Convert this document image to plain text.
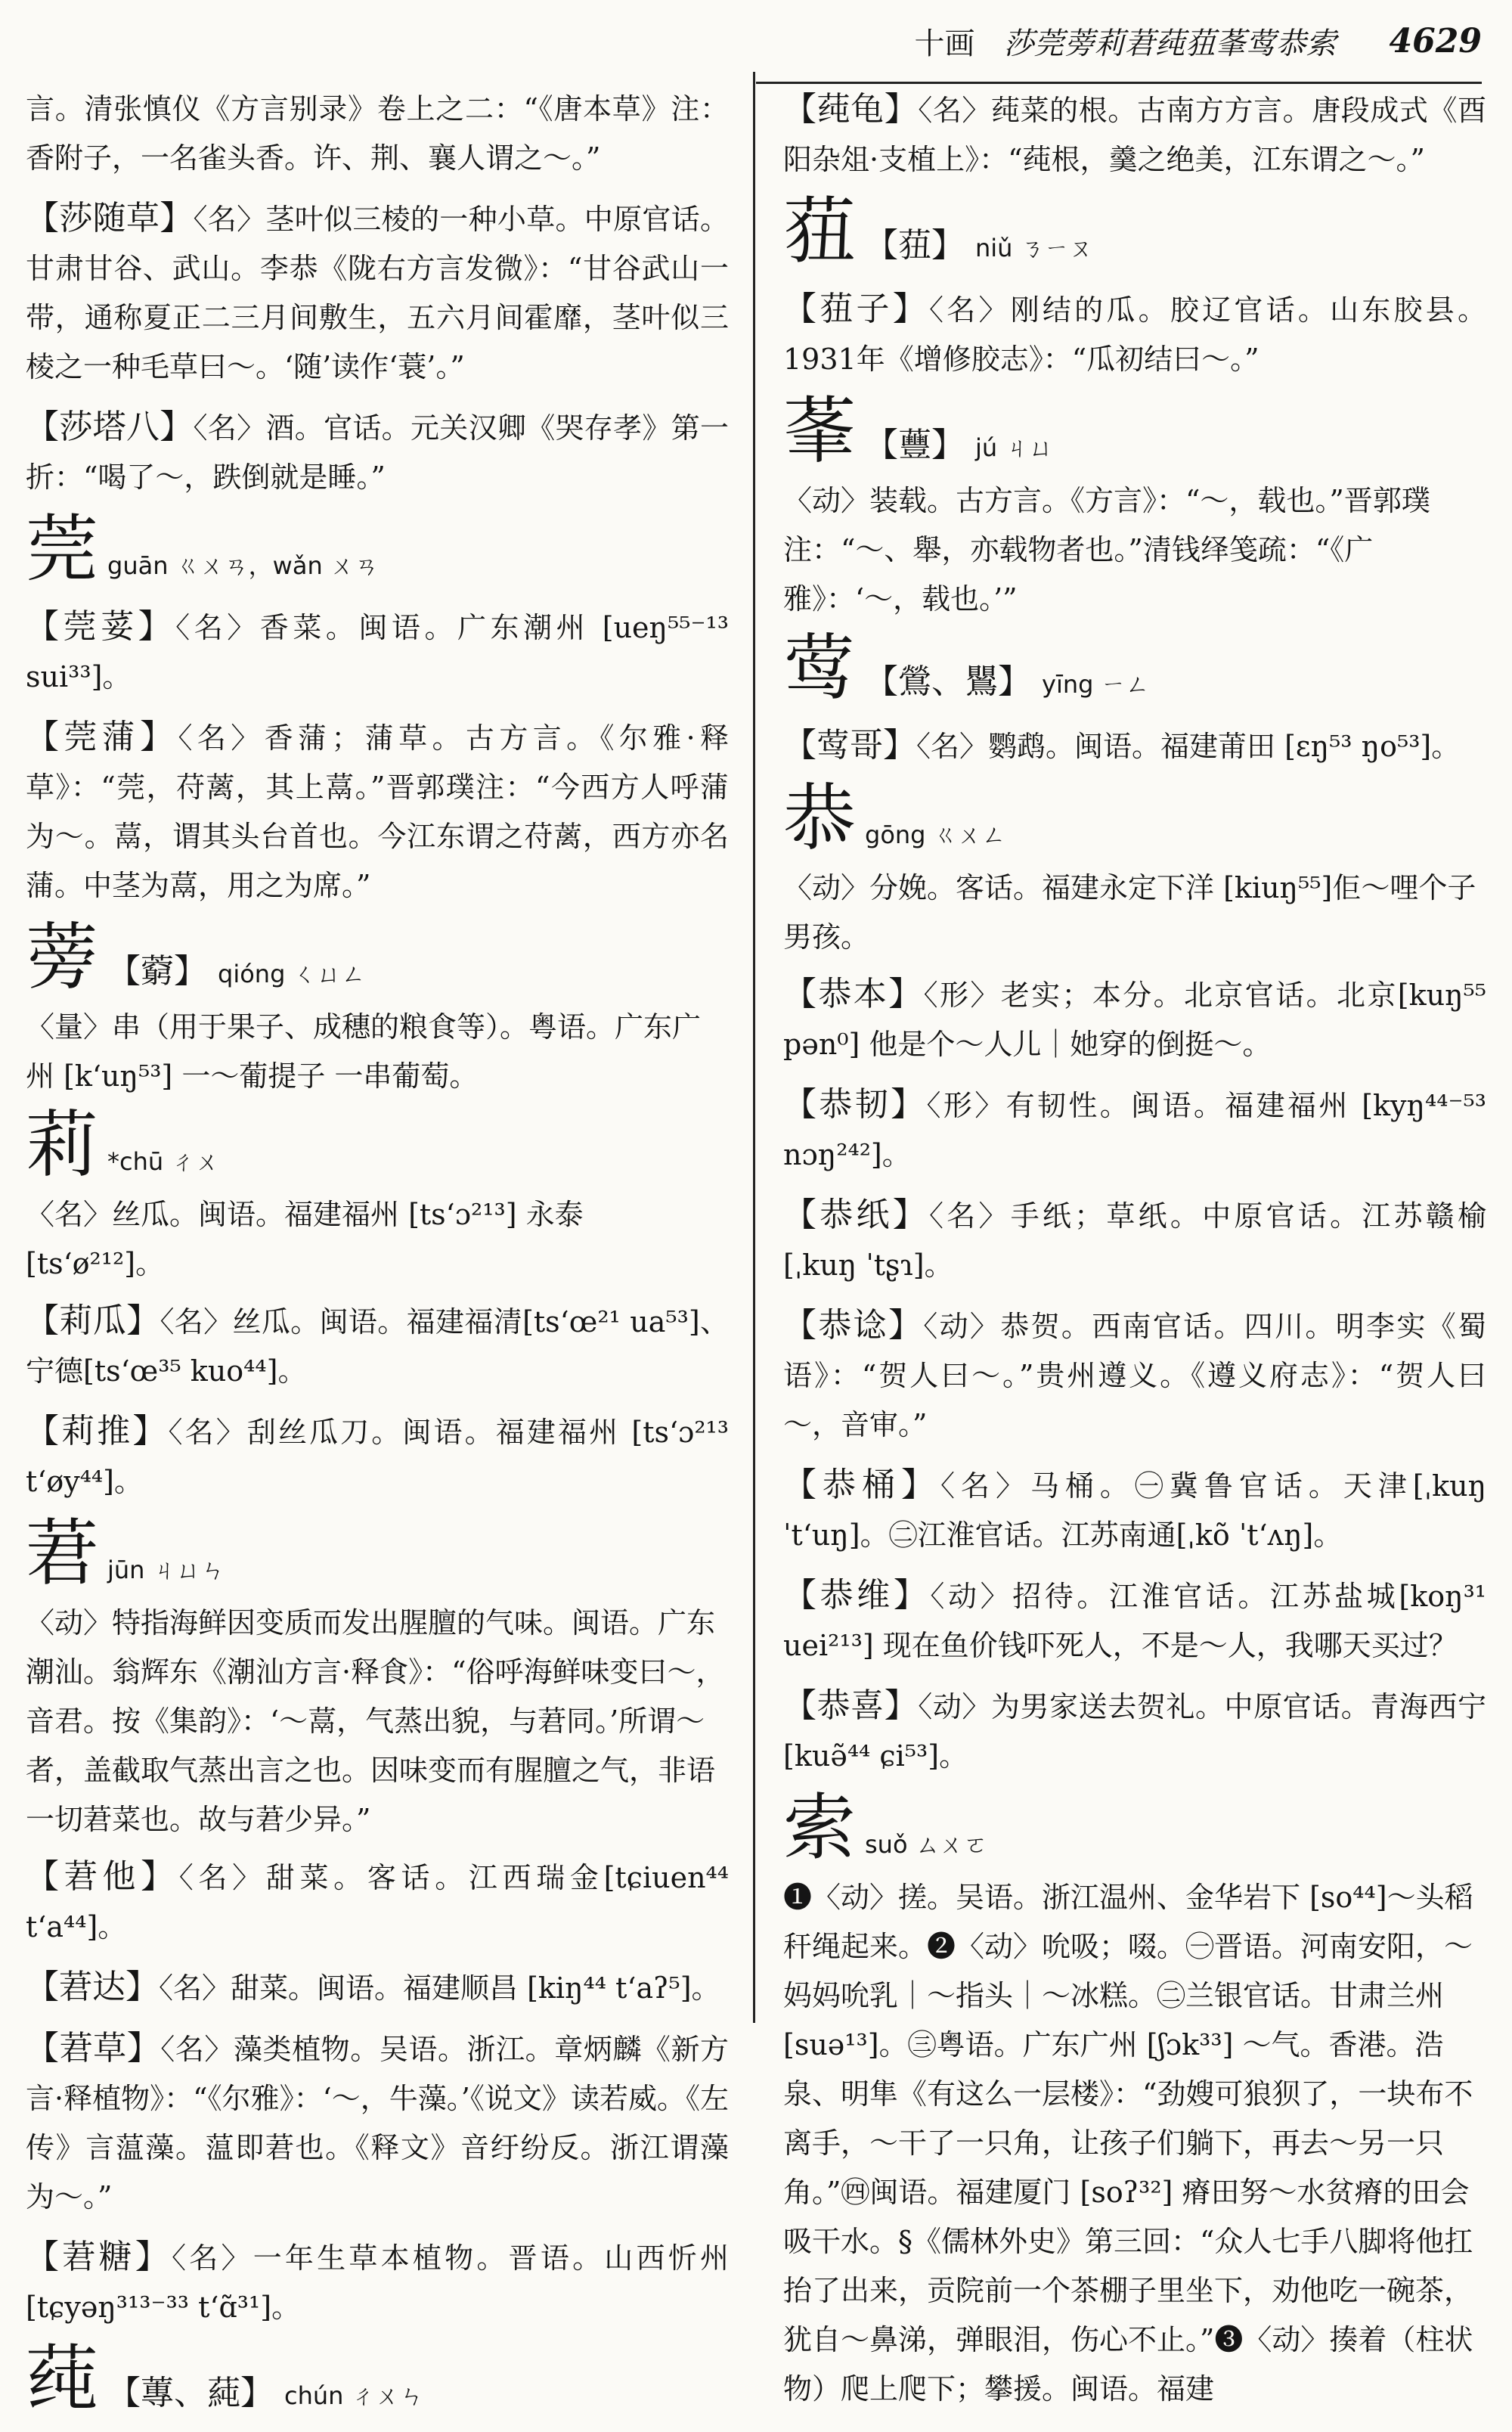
十画 莎莞蒡莉莙莼莥莑莺恭索 4629

言。清张慎仪《方言别录》卷上之二：“《唐本草》注：香附子，一名雀头香。许、荆、襄人谓之～。”

【 莎随草 】 〈名〉茎叶似三棱的一种小草。中原官话。甘肃甘谷、武山。李恭《陇右方言发微》：“甘谷武山一带，通称夏正二三月间敷生，五六月间霍靡，茎叶似三棱之一种毛草曰～。‘随’读作‘蓑’。”

【 莎塔八 】 〈名〉酒。官话。元关汉卿《哭存孝》第一折：“喝了～，跌倒就是睡。”

莞 guān ㄍㄨㄢ，wǎn ㄨㄢ

【 莞荽 】 〈名〉香菜。闽语。广东潮州 [ueŋ⁵⁵⁻¹³ sui³³]。

【 莞蒲 】 〈名〉香蒲；蒲草。古方言。《尔雅·释草》：“莞，苻蓠，其上蒚。”晋郭璞注：“今西方人呼蒲为～。蒚，谓其头台首也。今江东谓之苻蓠，西方亦名蒲。中茎为蒚，用之为席。”

蒡 【藭】 qióng ㄑㄩㄥ
〈量〉串（用于果子、成穗的粮食等）。粤语。广东广州 [k‘uŋ⁵³] 一～葡提子 一串葡萄。
莉 *chū ㄔㄨ
〈名〉丝瓜。闽语。福建福州 [ts‘ɔ²¹³] 永泰 [ts‘ø²¹²]。

【 莉瓜 】 〈名〉丝瓜。闽语。福建福清[ts‘œ²¹ ua⁵³]、宁德[ts‘œ³⁵ kuo⁴⁴]。

【 莉推 】 〈名〉刮丝瓜刀。闽语。福建福州 [ts‘ɔ²¹³ t‘øy⁴⁴]。

莙 jūn ㄐㄩㄣ
〈动〉特指海鲜因变质而发出腥膻的气味。闽语。广东潮汕。翁辉东《潮汕方言·释食》：“俗呼海鲜味变曰～，音君。按《集韵》：‘～蒚，气蒸出貌，与莙同。’所谓～者，盖截取气蒸出言之也。因味变而有腥膻之气，非语一切莙菜也。故与莙少异。”

【 莙他 】 〈名〉甜菜。客话。江西瑞金[tɕiuen⁴⁴ t‘a⁴⁴]。

【 莙达 】 〈名〉甜菜。闽语。福建顺昌 [kiŋ⁴⁴ t‘aʔ⁵]。

【 莙草 】 〈名〉藻类植物。吴语。浙江。章炳麟《新方言·释植物》：“《尔雅》：‘～，牛藻。’《说文》读若威。《左传》言蕰藻。蕰即莙也。《释文》音纡纷反。浙江谓藻为～。”

【 莙糖 】 〈名〉一年生草本植物。晋语。山西忻州 [tɕyəŋ³¹³⁻³³ t‘ɑ̃³¹]。

莼 【蓴、蒓】 chún ㄔㄨㄣ

【 莼龟 】 〈名〉莼菜的根。古南方方言。唐段成式《酉阳杂俎·支植上》：“莼根，羹之绝美，江东谓之～。”

莥 【莥】 niǔ ㄋㄧㄡ

【 莥子 】 〈名〉刚结的瓜。胶辽官话。山东胶县。1931年《增修胶志》：“瓜初结曰～。”

莑 【蘴】 jú ㄐㄩ
〈动〉装载。古方言。《方言》：“～，载也。”晋郭璞注：“～、舉，亦载物者也。”清钱绎笺疏：“《广雅》：‘～，载也。’”
莺 【鶯、鸎】 yīng ㄧㄥ

【 莺哥 】 〈名〉鹦鹉。闽语。福建莆田 [ɛŋ⁵³ ŋo⁵³]。

恭 gōng ㄍㄨㄥ
〈动〉分娩。客话。福建永定下洋 [kiuŋ⁵⁵]佢～哩个子男孩。

【 恭本 】 〈形〉老实；本分。北京官话。北京[kuŋ⁵⁵ pən⁰] 他是个～人儿｜她穿的倒挺～。

【 恭韧 】 〈形〉有韧性。闽语。福建福州 [kyŋ⁴⁴⁻⁵³ nɔŋ²⁴²]。

【 恭纸 】 〈名〉手纸；草纸。中原官话。江苏赣榆 [ˌkuŋ ˈtʂɿ]。

【 恭谂 】 〈动〉恭贺。西南官话。四川。明李实《蜀语》：“贺人曰～。”贵州遵义。《遵义府志》：“贺人曰～，音审。”

【 恭桶 】 〈名〉马桶。㊀冀鲁官话。天津[ˌkuŋ ˈt‘uŋ]。㊁江淮官话。江苏南通[ˌkõ ˈt‘ʌŋ]。

【 恭维 】 〈动〉招待。江淮官话。江苏盐城[koŋ³¹ uei²¹³] 现在鱼价钱吓死人，不是～人，我哪天买过？

【 恭喜 】 〈动〉为男家送去贺礼。中原官话。青海西宁 [kuə̃⁴⁴ ɕi⁵³]。

索 suǒ ㄙㄨㄛ
❶〈动〉搓。吴语。浙江温州、金华岩下 [so⁴⁴]～头稻秆绳起来。❷〈动〉吮吸；啜。㊀晋语。河南安阳，～妈妈吮乳｜～指头｜～冰糕。㊁兰银官话。甘肃兰州 [suə¹³]。㊂粤语。广东广州 [ʃɔk³³] ～气。香港。浩泉、明隼《有这么一层楼》：“劲嫂可狼狈了，一块布不离手，～干了一只角，让孩子们躺下，再去～另一只角。”㊃闽语。福建厦门 [soʔ³²] 瘠田努～水贫瘠的田会吸干水。§《儒林外史》第三回：“众人七手八脚将他扛抬了出来，贡院前一个茶棚子里坐下，劝他吃一碗茶，犹自～鼻涕，弹眼泪，伤心不止。”❸〈动〉揍着（柱状物）爬上爬下；攀援。闽语。福建
